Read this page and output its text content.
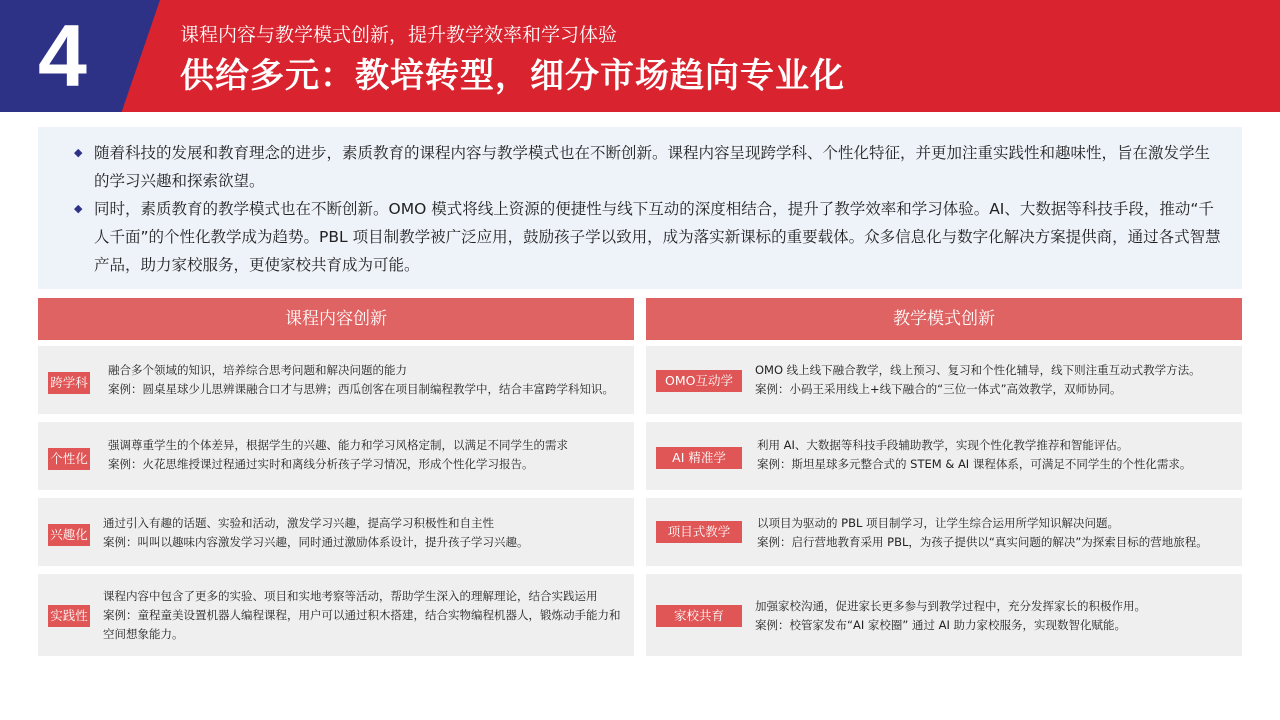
4	课程内容与教学模式创新，提升教学效率和学习体验
供给多元：教培转型，细分市场趋向专业化
◆ 随着科技的发展和教育理念的进步，素质教育的课程内容与教学模式也在不断创新。课程内容呈现跨学科、个性化特征，并更加注重实践性和趣味性，旨在激发学生的学习兴趣和探索欲望。
◆ 同时，素质教育的教学模式也在不断创新。OMO 模式将线上资源的便捷性与线下互动的深度相结合，提升了教学效率和学习体验。AI、大数据等科技手段，推动“千人千面”的个性化教学成为趋势。PBL 项目制教学被广泛应用，鼓励孩子学以致用，成为落实新课标的重要载体。众多信息化与数字化解决方案提供商，通过各式智慧产品，助力家校服务，更使家校共育成为可能。
课程内容创新
跨学科
融合多个领域的知识，培养综合思考问题和解决问题的能力
案例：圆桌星球少儿思辨课融合口才与思辨；西瓜创客在项目制编程教学中，结合丰富跨学科知识。
个性化
强调尊重学生的个体差异，根据学生的兴趣、能力和学习风格定制，以满足不同学生的需求
案例：火花思维授课过程通过实时和离线分析孩子学习情况，形成个性化学习报告。
兴趣化
通过引入有趣的话题、实验和活动，激发学习兴趣，提高学习积极性和自主性
案例：叫叫以趣味内容激发学习兴趣，同时通过激励体系设计，提升孩子学习兴趣。
实践性
课程内容中包含了更多的实验、项目和实地考察等活动，帮助学生深入的理解理论，结合实践运用
案例：童程童美设置机器人编程课程，用户可以通过积木搭建，结合实物编程机器人，锻炼动手能力和空间想象能力。
教学模式创新
OMO互动学
OMO 线上线下融合教学，线上预习、复习和个性化辅导，线下则注重互动式教学方法。
案例：小码王采用线上+线下融合的“三位一体式”高效教学，双师协同。
AI 精准学
利用 AI、大数据等科技手段辅助教学，实现个性化教学推荐和智能评估。
案例：斯坦星球多元整合式的 STEM & AI 课程体系，可满足不同学生的个性化需求。
项目式教学
以项目为驱动的 PBL 项目制学习，让学生综合运用所学知识解决问题。
案例：启行营地教育采用 PBL，为孩子提供以“真实问题的解决”为探索目标的营地旅程。
家校共育
加强家校沟通，促进家长更多参与到教学过程中，充分发挥家长的积极作用。
案例：校管家发布“AI 家校圈” 通过 AI 助力家校服务，实现数智化赋能。
